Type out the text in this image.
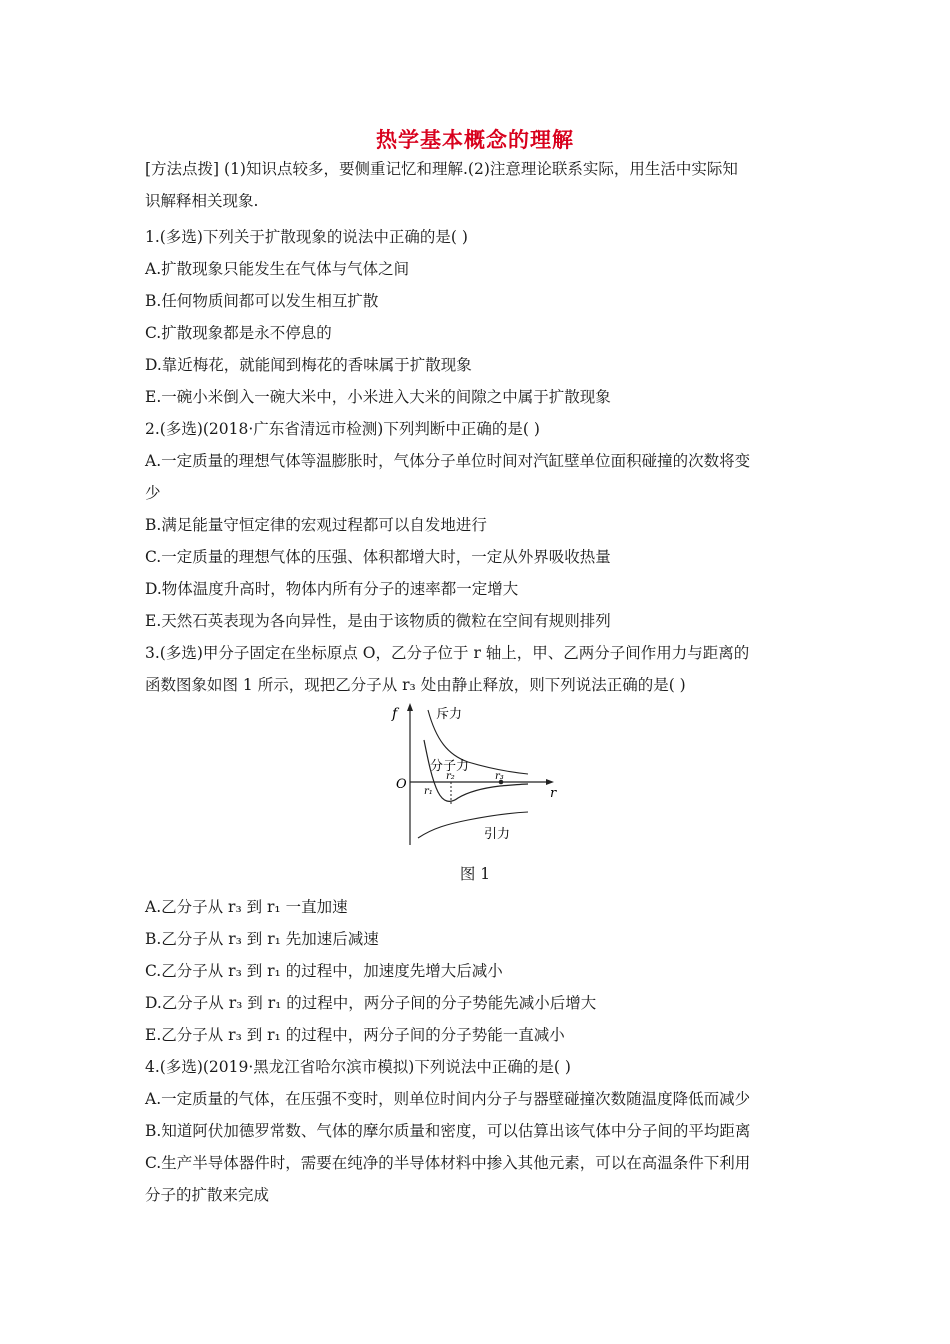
热学基本概念的理解
[方法点拨] (1)知识点较多，要侧重记忆和理解.(2)注意理论联系实际，用生活中实际知
识解释相关现象.
1.(多选)下列关于扩散现象的说法中正确的是( )
A.扩散现象只能发生在气体与气体之间
B.任何物质间都可以发生相互扩散
C.扩散现象都是永不停息的
D.靠近梅花，就能闻到梅花的香味属于扩散现象
E.一碗小米倒入一碗大米中，小米进入大米的间隙之中属于扩散现象
2.(多选)(2018·广东省清远市检测)下列判断中正确的是( )
A.一定质量的理想气体等温膨胀时，气体分子单位时间对汽缸壁单位面积碰撞的次数将变
少
B.满足能量守恒定律的宏观过程都可以自发地进行
C.一定质量的理想气体的压强、体积都增大时，一定从外界吸收热量
D.物体温度升高时，物体内所有分子的速率都一定增大
E.天然石英表现为各向异性，是由于该物质的微粒在空间有规则排列
3.(多选)甲分子固定在坐标原点 O，乙分子位于 r 轴上，甲、乙两分子间作用力与距离的
函数图象如图 1 所示，现把乙分子从 r₃ 处由静止释放，则下列说法正确的是( )
f
O
r
斥力
分子力
引力
r₁
r₂	r₃
图 1
A.乙分子从 r₃ 到 r₁ 一直加速
B.乙分子从 r₃ 到 r₁ 先加速后减速
C.乙分子从 r₃ 到 r₁ 的过程中，加速度先增大后减小
D.乙分子从 r₃ 到 r₁ 的过程中，两分子间的分子势能先减小后增大
E.乙分子从 r₃ 到 r₁ 的过程中，两分子间的分子势能一直减小
4.(多选)(2019·黑龙江省哈尔滨市模拟)下列说法中正确的是( )
A.一定质量的气体，在压强不变时，则单位时间内分子与器壁碰撞次数随温度降低而减少
B.知道阿伏加德罗常数、气体的摩尔质量和密度，可以估算出该气体中分子间的平均距离
C.生产半导体器件时，需要在纯净的半导体材料中掺入其他元素，可以在高温条件下利用
分子的扩散来完成
